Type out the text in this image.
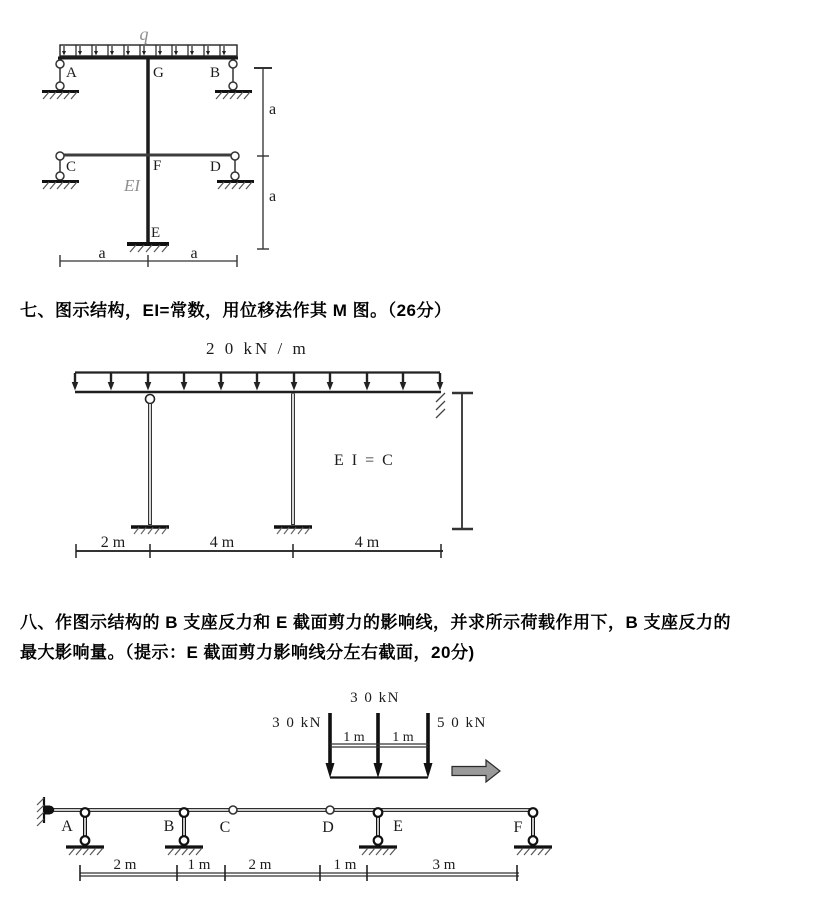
q
A	G	B
C	F	D
E
EI
a
a
a	a
七、图示结构，EI=常数，用位移法作其 M 图。（26分）
2 0 kN / m
E I = C
2 m	4 m	4 m
八、作图示结构的 B 支座反力和 E 截面剪力的影响线，并求所示荷载作用下，B 支座反力的
最大影响量。（提示：E 截面剪力影响线分左右截面，20分)
1 m 1 m
3 0 kN
3 0 kN
5 0 kN
A	B	C	D	E	F
2 m	1 m	2 m	1 m	3 m
